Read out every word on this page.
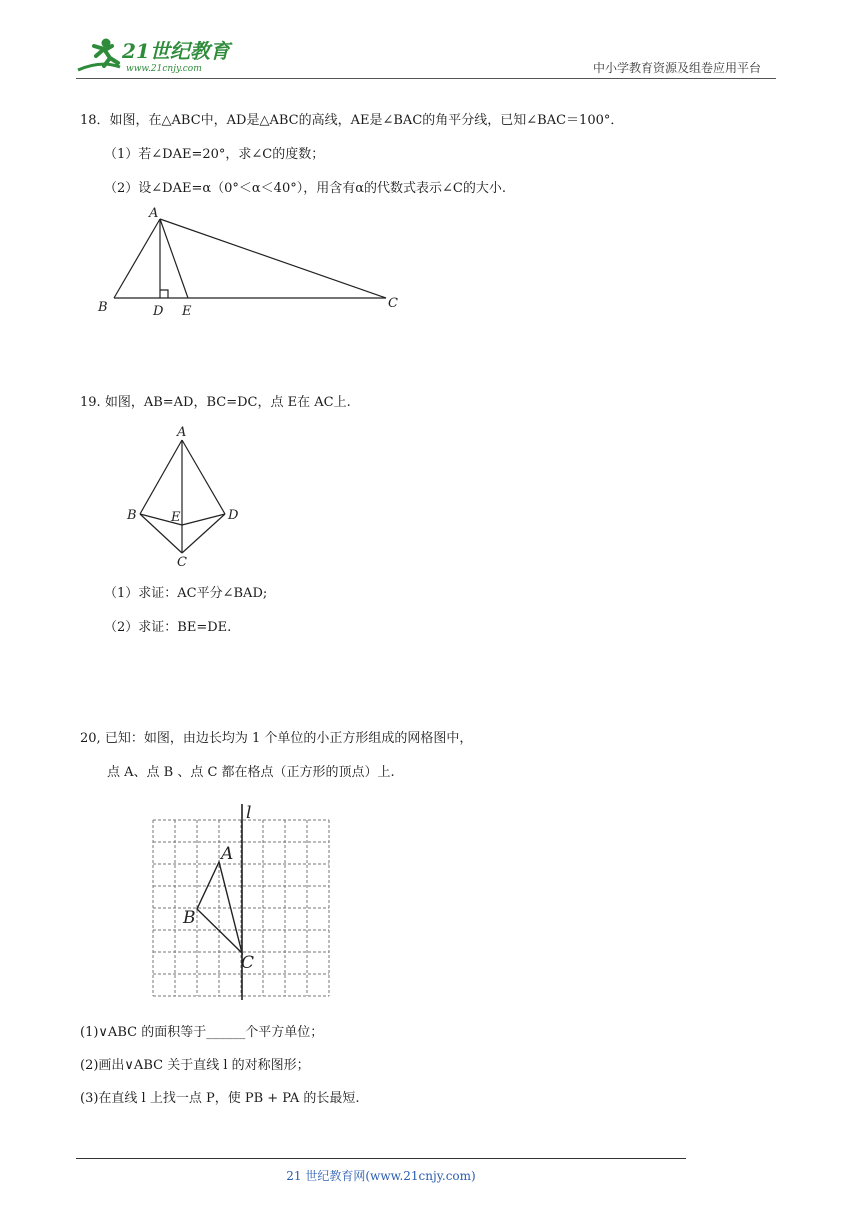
21世纪教育
www.21cnjy.com	中小学教育资源及组卷应用平台
18．如图，在△ABC中，AD是△ABC的高线，AE是∠BAC的角平分线，已知∠BAC＝100°．
（1）若∠DAE=20°，求∠C的度数；
（2）设∠DAE=α（0°＜α＜40°），用含有α的代数式表示∠C的大小.
A
B	C
D E
19. 如图，AB=AD，BC=DC，点 E在 AC上.
A
B	D
E
C
（1）求证：AC平分∠BAD;
（2）求证：BE=DE.
20, 已知：如图，由边长均为 1 个单位的小正方形组成的网格图中，
点 A、点 B 、点 C 都在格点（正方形的顶点）上.
l
A
B
C
(1)∨ABC 的面积等于______个平方单位；
(2)画出∨ABC 关于直线 l 的对称图形；
(3)在直线 l 上找一点 P，使 PB + PA 的长最短.
21 世纪教育网(www.21cnjy.com)
